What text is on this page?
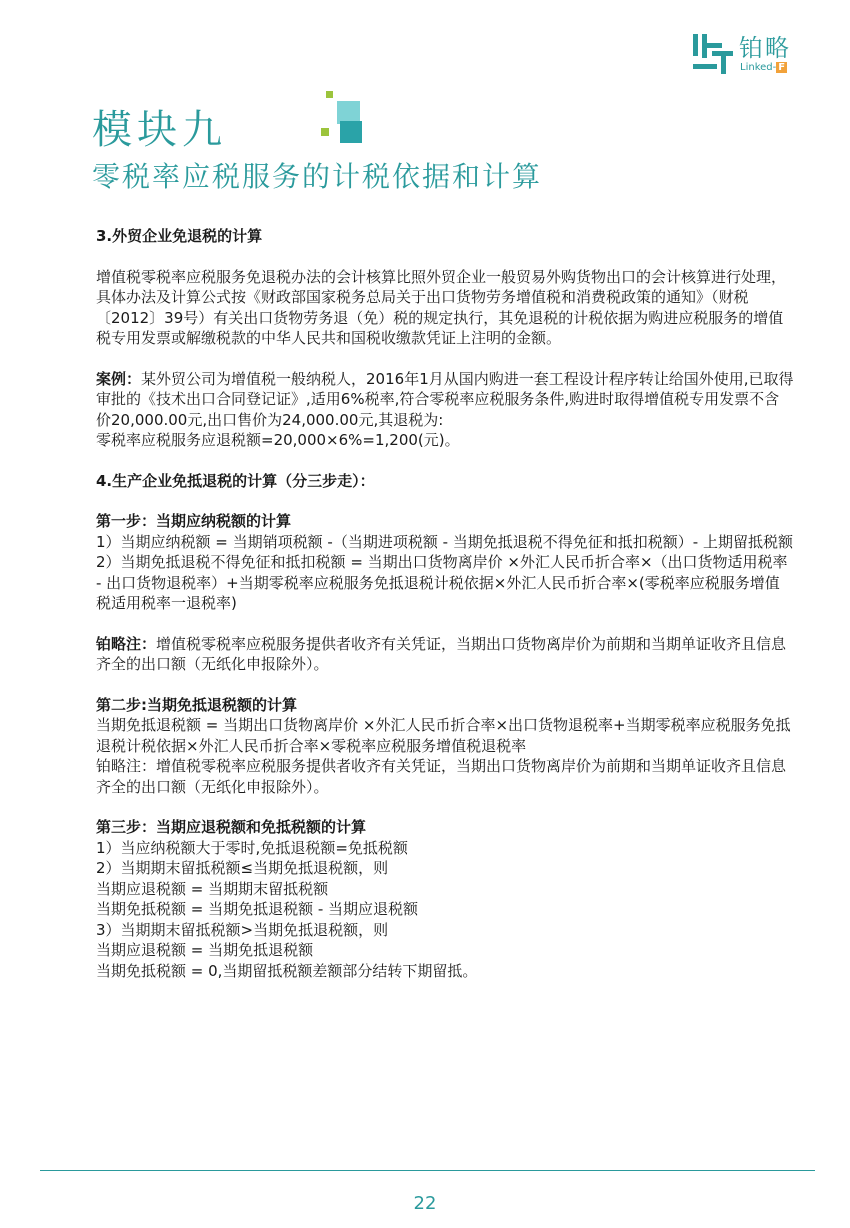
铂略
Linked- F
模块九
零税率应税服务的计税依据和计算

3.外贸企业免退税的计算

增值税零税率应税服务免退税办法的会计核算比照外贸企业一般贸易外购货物出口的会计核算进行处理，具体办法及计算公式按《财政部国家税务总局关于出口货物劳务增值税和消费税政策的通知》（财税〔2012〕39号）有关出口货物劳务退（免）税的规定执行，其免退税的计税依据为购进应税服务的增值税专用发票或解缴税款的中华人民共和国税收缴款凭证上注明的金额。

案例：某外贸公司为增值税一般纳税人，2016年1月从国内购进一套工程设计程序转让给国外使用,已取得审批的《技术出口合同登记证》,适用6%税率,符合零税率应税服务条件,购进时取得增值税专用发票不含价20,000.00元,出口售价为24,000.00元,其退税为:

零税率应税服务应退税额=20,000×6%=1,200(元)。

4.生产企业免抵退税的计算（分三步走）：

第一步：当期应纳税额的计算

1）当期应纳税额 = 当期销项税额 -（当期进项税额 - 当期免抵退税不得免征和抵扣税额）- 上期留抵税额

2）当期免抵退税不得免征和抵扣税额 = 当期出口货物离岸价 ×外汇人民币折合率×（出口货物适用税率 - 出口货物退税率）+当期零税率应税服务免抵退税计税依据×外汇人民币折合率×(零税率应税服务增值税适用税率一退税率)

铂略注：增值税零税率应税服务提供者收齐有关凭证，当期出口货物离岸价为前期和当期单证收齐且信息齐全的出口额（无纸化申报除外）。

第二步:当期免抵退税额的计算

当期免抵退税额 = 当期出口货物离岸价 ×外汇人民币折合率×出口货物退税率+当期零税率应税服务免抵退税计税依据×外汇人民币折合率×零税率应税服务增值税退税率

铂略注：增值税零税率应税服务提供者收齐有关凭证，当期出口货物离岸价为前期和当期单证收齐且信息齐全的出口额（无纸化申报除外）。

第三步：当期应退税额和免抵税额的计算

1）当应纳税额大于零时,免抵退税额=免抵税额

2）当期期末留抵税额≤当期免抵退税额，则

当期应退税额 = 当期期末留抵税额

当期免抵税额 = 当期免抵退税额 - 当期应退税额

3）当期期末留抵税额>当期免抵退税额，则

当期应退税额 = 当期免抵退税额

当期免抵税额 = 0,当期留抵税额差额部分结转下期留抵。

22
